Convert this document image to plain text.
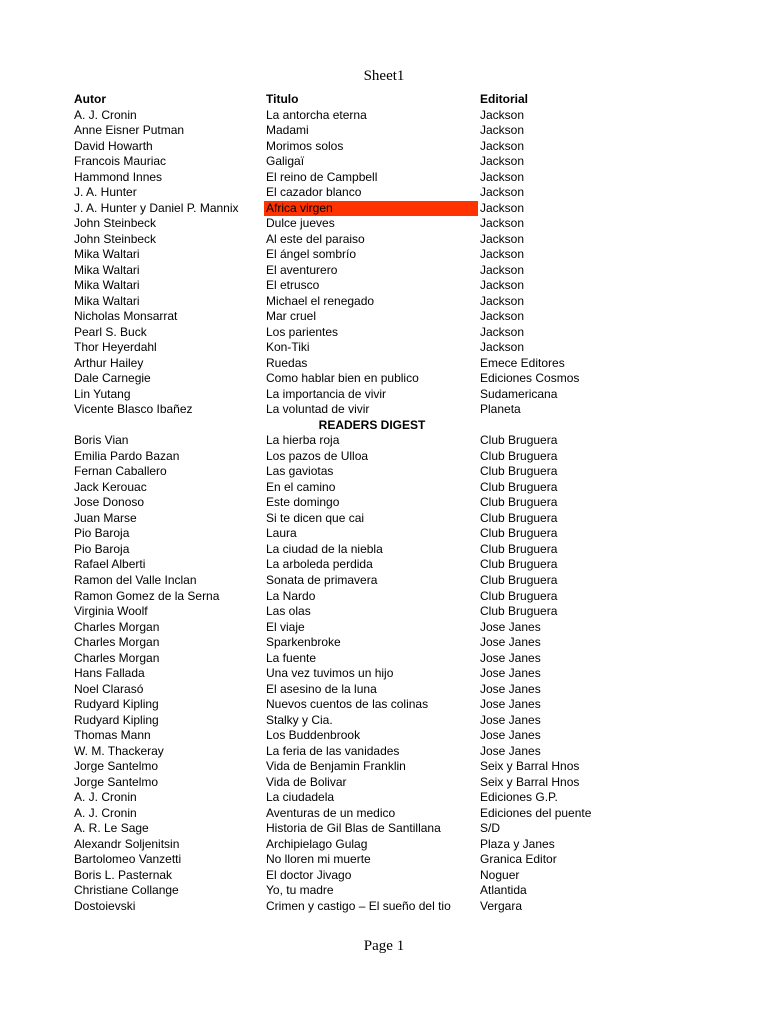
Sheet1
Autor	Titulo	Editorial
A. J. Cronin	La antorcha eterna	Jackson
Anne Eisner Putman	Madami	Jackson
David Howarth	Morimos solos	Jackson
Francois Mauriac	Galigaï	Jackson
Hammond Innes	El reino de Campbell	Jackson
J. A. Hunter	El cazador blanco	Jackson
J. A. Hunter y Daniel P. Mannix	Africa virgen	Jackson
John Steinbeck	Dulce jueves	Jackson
John Steinbeck	Al este del paraiso	Jackson
Mika Waltari	El ángel sombrío	Jackson
Mika Waltari	El aventurero	Jackson
Mika Waltari	El etrusco	Jackson
Mika Waltari	Michael el renegado	Jackson
Nicholas Monsarrat	Mar cruel	Jackson
Pearl S. Buck	Los parientes	Jackson
Thor Heyerdahl	Kon-Tiki	Jackson
Arthur Hailey	Ruedas	Emece Editores
Dale Carnegie	Como hablar bien en publico	Ediciones Cosmos
Lin Yutang	La importancia de vivir	Sudamericana
Vicente Blasco Ibañez	La voluntad de vivir	Planeta
READERS DIGEST
Boris Vian	La hierba roja	Club Bruguera
Emilia Pardo Bazan	Los pazos de Ulloa	Club Bruguera
Fernan Caballero	Las gaviotas	Club Bruguera
Jack Kerouac	En el camino	Club Bruguera
Jose Donoso	Este domingo	Club Bruguera
Juan Marse	Si te dicen que cai	Club Bruguera
Pio Baroja	Laura	Club Bruguera
Pio Baroja	La ciudad de la niebla	Club Bruguera
Rafael Alberti	La arboleda perdida	Club Bruguera
Ramon del Valle Inclan	Sonata de primavera	Club Bruguera
Ramon Gomez de la Serna	La Nardo	Club Bruguera
Virginia Woolf	Las olas	Club Bruguera
Charles Morgan	El viaje	Jose Janes
Charles Morgan	Sparkenbroke	Jose Janes
Charles Morgan	La fuente	Jose Janes
Hans Fallada	Una vez tuvimos un hijo	Jose Janes
Noel Clarasó	El asesino de la luna	Jose Janes
Rudyard Kipling	Nuevos cuentos de las colinas	Jose Janes
Rudyard Kipling	Stalky y Cia.	Jose Janes
Thomas Mann	Los Buddenbrook	Jose Janes
W. M. Thackeray	La feria de las vanidades	Jose Janes
Jorge Santelmo	Vida de Benjamin Franklin	Seix y Barral Hnos
Jorge Santelmo	Vida de Bolivar	Seix y Barral Hnos
A. J. Cronin	La ciudadela	Ediciones G.P.
A. J. Cronin	Aventuras de un medico	Ediciones del puente
A. R. Le Sage	Historia de Gil Blas de Santillana	S/D
Alexandr Soljenitsin	Archipielago Gulag	Plaza y Janes
Bartolomeo Vanzetti	No lloren mi muerte	Granica Editor
Boris L. Pasternak	El doctor Jivago	Noguer
Christiane Collange	Yo, tu madre	Atlantida
Dostoievski	Crimen y castigo – El sueño del tio	Vergara
Page 1
